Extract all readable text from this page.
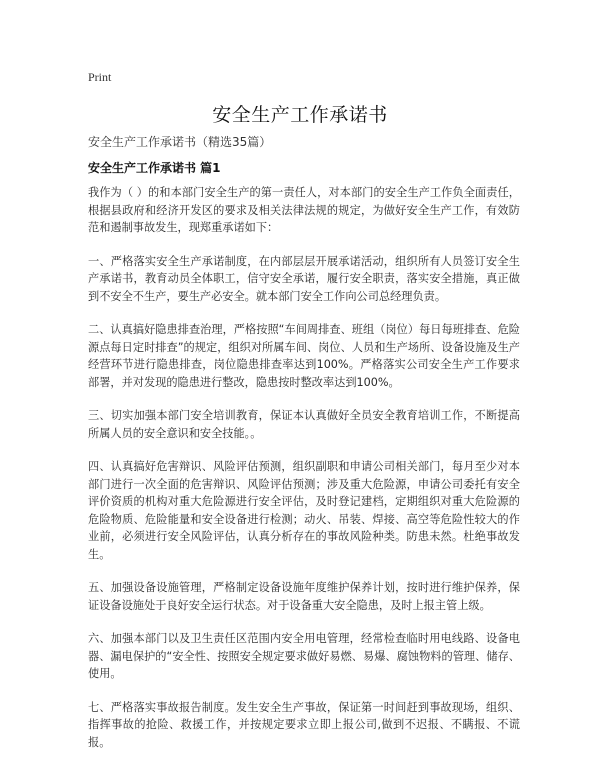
Print
安全生产工作承诺书
安全生产工作承诺书（精选35篇）
安全生产工作承诺书 篇1

我作为（ ）的和本部门安全生产的第一责任人，对本部门的安全生产工作负全面责任，根据县政府和经济开发区的要求及相关法律法规的规定，为做好安全生产工作，有效防范和遏制事故发生，现郑重承诺如下：

一、严格落实安全生产承诺制度，在内部层层开展承诺活动，组织所有人员签订安全生产承诺书，教育动员全体职工，信守安全承诺，履行安全职责，落实安全措施，真正做到不安全不生产，要生产必安全。就本部门安全工作向公司总经理负责。

二、认真搞好隐患排查治理，严格按照“车间周排查、班组（岗位）每日每班排查、危险源点每日定时排查”的规定，组织对所属车间、岗位、人员和生产场所、设备设施及生产经营环节进行隐患排查，岗位隐患排查率达到100%。严格落实公司安全生产工作要求部署，并对发现的隐患进行整改，隐患按时整改率达到100%。

三、切实加强本部门安全培训教育，保证本认真做好全员安全教育培训工作，不断提高所属人员的安全意识和安全技能。。

四、认真搞好危害辩识、风险评估预测，组织副职和申请公司相关部门，每月至少对本部门进行一次全面的危害辩识、风险评估预测；涉及重大危险源，申请公司委托有安全评价资质的机构对重大危险源进行安全评估，及时登记建档，定期组织对重大危险源的危险物质、危险能量和安全设备进行检测；动火、吊装、焊接、高空等危险性较大的作业前，必须进行安全风险评估，认真分析存在的事故风险种类。防患未然。杜绝事故发生。

五、加强设备设施管理，严格制定设备设施年度维护保养计划，按时进行维护保养，保证设备设施处于良好安全运行状态。对于设备重大安全隐患，及时上报主管上级。

六、加强本部门以及卫生责任区范围内安全用电管理，经常检查临时用电线路、设备电器、漏电保护的“安全性、按照安全规定要求做好易燃、易爆、腐蚀物料的管理、储存、使用。

七、严格落实事故报告制度。发生安全生产事故，保证第一时间赶到事故现场，组织、指挥事故的抢险、救援工作，并按规定要求立即上报公司,做到不迟报、不瞒报、不谎报。
